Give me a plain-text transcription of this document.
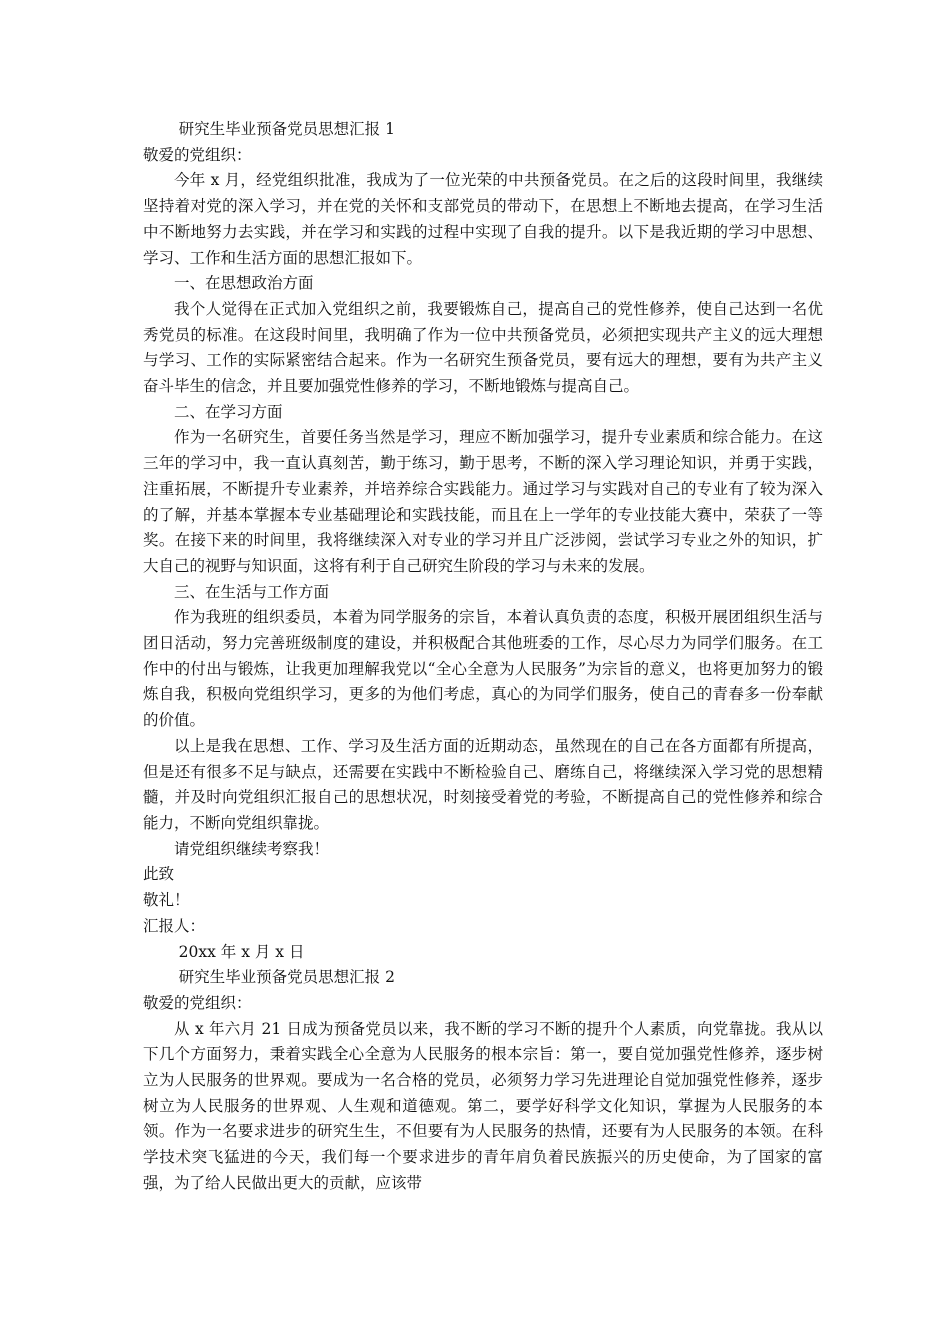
研究生毕业预备党员思想汇报 1

敬爱的党组织：

今年 x 月，经党组织批准，我成为了一位光荣的中共预备党员。在之后的这段时间里，我继续坚持着对党的深入学习，并在党的关怀和支部党员的带动下，在思想上不断地去提高，在学习生活中不断地努力去实践，并在学习和实践的过程中实现了自我的提升。以下是我近期的学习中思想、学习、工作和生活方面的思想汇报如下。

一、在思想政治方面

我个人觉得在正式加入党组织之前，我要锻炼自己，提高自己的党性修养，使自己达到一名优秀党员的标准。在这段时间里，我明确了作为一位中共预备党员，必须把实现共产主义的远大理想与学习、工作的实际紧密结合起来。作为一名研究生预备党员，要有远大的理想，要有为共产主义奋斗毕生的信念，并且要加强党性修养的学习，不断地锻炼与提高自己。

二、在学习方面

作为一名研究生，首要任务当然是学习，理应不断加强学习，提升专业素质和综合能力。在这三年的学习中，我一直认真刻苦，勤于练习，勤于思考，不断的深入学习理论知识，并勇于实践，注重拓展，不断提升专业素养，并培养综合实践能力。通过学习与实践对自己的专业有了较为深入的了解，并基本掌握本专业基础理论和实践技能，而且在上一学年的专业技能大赛中，荣获了一等奖。在接下来的时间里，我将继续深入对专业的学习并且广泛涉阅，尝试学习专业之外的知识，扩大自己的视野与知识面，这将有利于自己研究生阶段的学习与未来的发展。

三、在生活与工作方面

作为我班的组织委员，本着为同学服务的宗旨，本着认真负责的态度，积极开展团组织生活与团日活动，努力完善班级制度的建设，并积极配合其他班委的工作，尽心尽力为同学们服务。在工作中的付出与锻炼，让我更加理解我党以“全心全意为人民服务”为宗旨的意义，也将更加努力的锻炼自我，积极向党组织学习，更多的为他们考虑，真心的为同学们服务，使自己的青春多一份奉献的价值。

以上是我在思想、工作、学习及生活方面的近期动态，虽然现在的自己在各方面都有所提高，但是还有很多不足与缺点，还需要在实践中不断检验自己、磨练自己，将继续深入学习党的思想精髓，并及时向党组织汇报自己的思想状况，时刻接受着党的考验，不断提高自己的党性修养和综合能力，不断向党组织靠拢。

请党组织继续考察我！

此致

敬礼！

汇报人：

20xx 年 x 月 x 日

研究生毕业预备党员思想汇报 2

敬爱的党组织：

从 x 年六月 21 日成为预备党员以来，我不断的学习不断的提升个人素质，向党靠拢。我从以下几个方面努力，秉着实践全心全意为人民服务的根本宗旨：第一，要自觉加强党性修养，逐步树立为人民服务的世界观。要成为一名合格的党员，必须努力学习先进理论自觉加强党性修养，逐步树立为人民服务的世界观、人生观和道德观。第二，要学好科学文化知识，掌握为人民服务的本领。作为一名要求进步的研究生生，不但要有为人民服务的热情，还要有为人民服务的本领。在科学技术突飞猛进的今天，我们每一个要求进步的青年肩负着民族振兴的历史使命，为了国家的富强，为了给人民做出更大的贡献，应该带
